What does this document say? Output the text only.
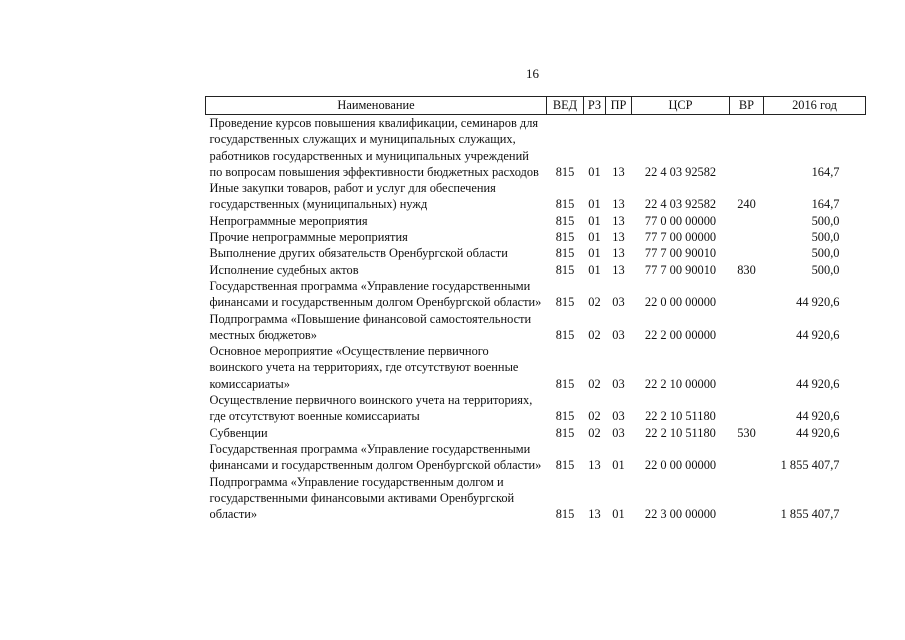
16
Наименование	ВЕД	РЗ	ПР	ЦСР	ВР	2016 год
Проведение курсов повышения квалификации, семинаров для государственных служащих и муниципальных служащих, работников государственных и муниципальных учреждений по вопросам повышения эффективности бюджетных расходов	815	01	13	22 4 03 92582		164,7
Иные закупки товаров, работ и услуг для обеспечения государственных (муниципальных) нужд	815	01	13	22 4 03 92582	240	164,7
Непрограммные мероприятия	815	01	13	77 0 00 00000		500,0
Прочие непрограммные мероприятия	815	01	13	77 7 00 00000		500,0
Выполнение других обязательств Оренбургской области	815	01	13	77 7 00 90010		500,0
Исполнение судебных актов	815	01	13	77 7 00 90010	830	500,0
Государственная программа «Управление государственными финансами и государственным долгом Оренбургской области»	815	02	03	22 0 00 00000		44 920,6
Подпрограмма «Повышение финансовой самостоятельности местных бюджетов»	815	02	03	22 2 00 00000		44 920,6
Основное мероприятие «Осуществление первичного воинского учета на территориях, где отсутствуют военные комиссариаты»	815	02	03	22 2 10 00000		44 920,6
Осуществление первичного воинского учета на территориях, где отсутствуют военные комиссариаты	815	02	03	22 2 10 51180		44 920,6
Субвенции	815	02	03	22 2 10 51180	530	44 920,6
Государственная программа «Управление государственными финансами и государственным долгом Оренбургской области»	815	13	01	22 0 00 00000		1 855 407,7
Подпрограмма «Управление государственным долгом и государственными финансовыми активами Оренбургской области»	815	13	01	22 3 00 00000		1 855 407,7
